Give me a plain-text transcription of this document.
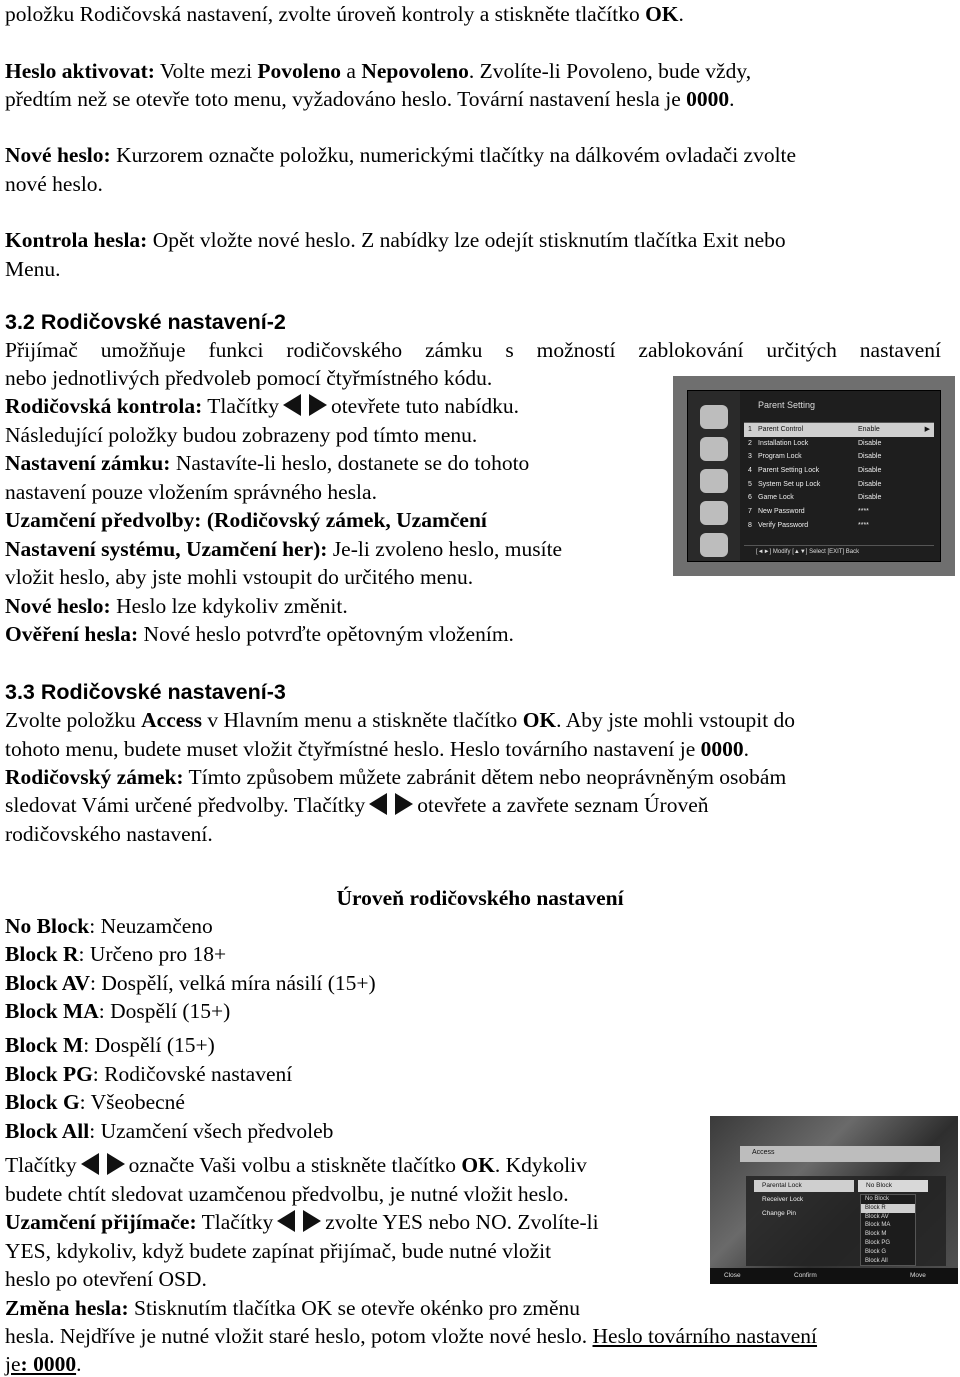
položku Rodičovská nastavení, zvolte úroveň kontroly a stiskněte tlačítko OK.
Heslo aktivovat: Volte mezi Povoleno a Nepovoleno. Zvolíte-li Povoleno, bude vždy,
předtím než se otevře toto menu, vyžadováno heslo. Tovární nastavení hesla je 0000.
Nové heslo: Kurzorem označte položku, numerickými tlačítky na dálkovém ovladači zvolte
nové heslo.
Kontrola hesla: Opět vložte nové heslo. Z nabídky lze odejít stisknutím tlačítka Exit nebo
Menu.
3.2 Rodičovské nastavení-2
Přijímač umožňuje funkci rodičovského zámku s možností zablokování určitých nastavení
nebo jednotlivých předvoleb pomocí čtyřmístného kódu.
Rodičovská kontrola: Tlačítky otevřete tuto nabídku.
Následující položky budou zobrazeny pod tímto menu.
Nastavení zámku: Nastavíte-li heslo, dostanete se do tohoto
nastavení pouze vložením správného hesla.
Uzamčení předvolby: (Rodičovský zámek, Uzamčení
Nastavení systému, Uzamčení her): Je-li zvoleno heslo, musíte
vložit heslo, aby jste mohli vstoupit do určitého menu.
Nové heslo: Heslo lze kdykoliv změnit.
Ověření hesla: Nové heslo potvrďte opětovným vložením.
Parent Setting
1 Parent Control	Enable	▶
2 Installation Lock	Disable
3 Program Lock	Disable
4 Parent Setting Lock	Disable
5 System Set up Lock	Disable
6 Game Lock	Disable
7 New Password	****
8 Verify Password	****
[◄►] Modify [▲▼] Select [EXIT] Back
3.3 Rodičovské nastavení-3
Zvolte položku Access v Hlavním menu a stiskněte tlačítko OK. Aby jste mohli vstoupit do
tohoto menu, budete muset vložit čtyřmístné heslo. Heslo továrního nastavení je 0000.
Rodičovský zámek: Tímto způsobem můžete zabránit dětem nebo neoprávněným osobám
sledovat Vámi určené předvolby. Tlačítky otevřete a zavřete seznam Úroveň
rodičovského nastavení.
Úroveň rodičovského nastavení
No Block: Neuzamčeno
Block R: Určeno pro 18+
Block AV: Dospělí, velká míra násilí (15+)
Block MA: Dospělí (15+)
Block M: Dospělí (15+)
Block PG: Rodičovské nastavení
Block G: Všeobecné
Block All: Uzamčení všech předvoleb
Tlačítky označte Vaši volbu a stiskněte tlačítko OK. Kdykoliv
budete chtít sledovat uzamčenou předvolbu, je nutné vložit heslo.
Uzamčení přijímače: Tlačítky zvolte YES nebo NO. Zvolíte-li
YES, kdykoliv, když budete zapínat přijímač, bude nutné vložit
heslo po otevření OSD.
Změna hesla: Stisknutím tlačítka OK se otevře okénko pro změnu
hesla. Nejdříve je nutné vložit staré heslo, potom vložte nové heslo. Heslo továrního nastavení
je: 0000.
Access
Parental Lock
Receiver Lock
Change Pin
No Block
No Block
Block R
Block AV
Block MA
Block M
Block PG
Block G
Block All
Close	Confirm	Move
